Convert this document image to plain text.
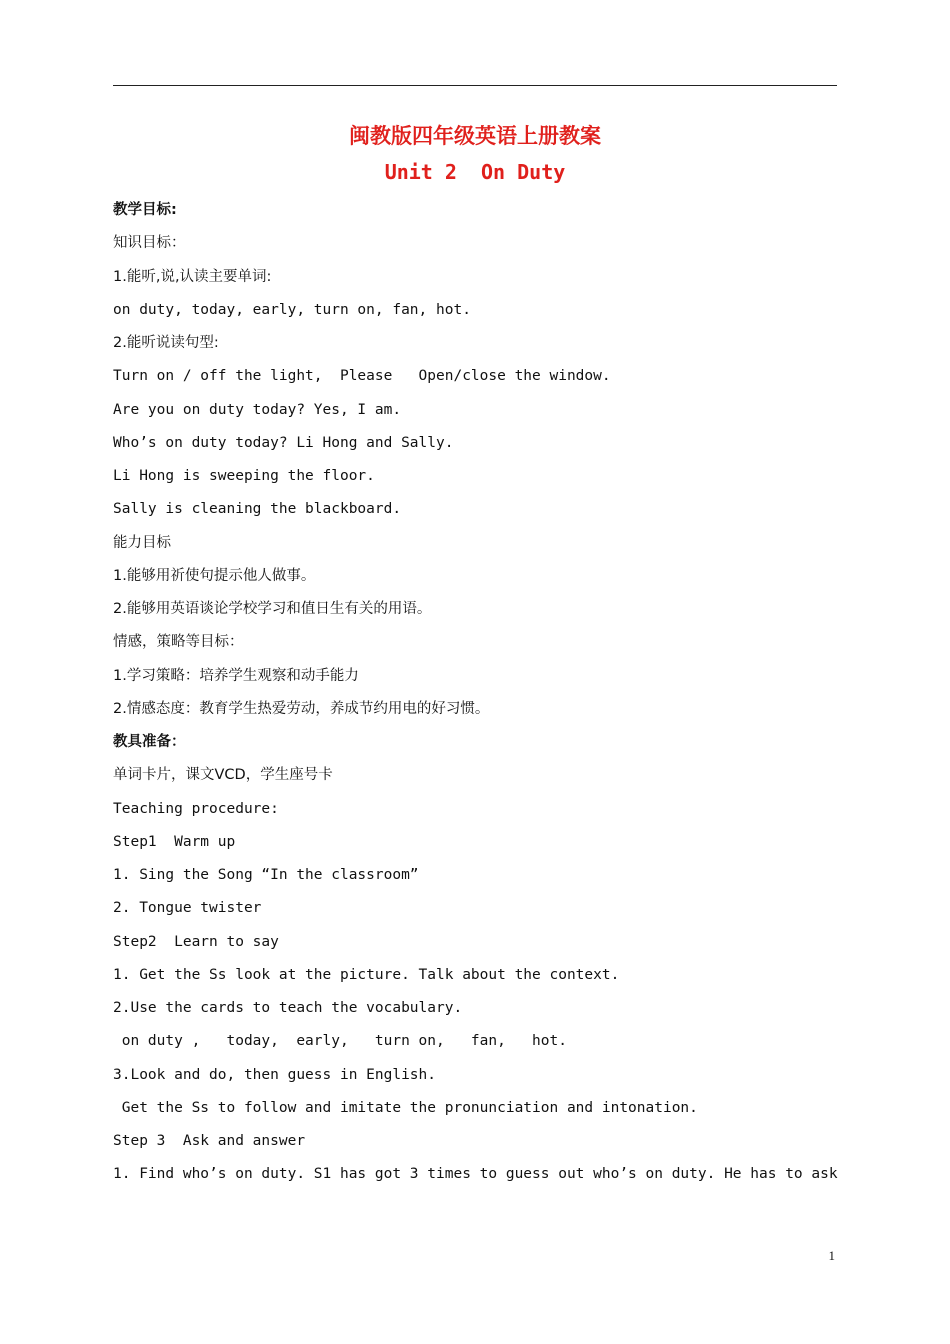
闽教版四年级英语上册教案
Unit 2  On Duty
教学目标:
知识目标：
1.能听,说,认读主要单词:
on duty, today, early, turn on, fan, hot.
2.能听说读句型:
Turn on / off the light,  Please   Open/close the window.
Are you on duty today? Yes, I am.
Who’s on duty today? Li Hong and Sally.
Li Hong is sweeping the floor.
Sally is cleaning the blackboard.
能力目标
1.能够用祈使句提示他人做事。
2.能够用英语谈论学校学习和值日生有关的用语。
情感，策略等目标：
1.学习策略：培养学生观察和动手能力
2.情感态度：教育学生热爱劳动，养成节约用电的好习惯。
教具准备：
单词卡片，课文VCD，学生座号卡
Teaching procedure:
Step1  Warm up
1. Sing the Song “In the classroom”
2. Tongue twister
Step2  Learn to say
1. Get the Ss look at the picture. Talk about the context.
2.Use the cards to teach the vocabulary.
on duty ,   today,  early,   turn on,   fan,   hot.
3.Look and do, then guess in English.
Get the Ss to follow and imitate the pronunciation and intonation.
Step 3  Ask and answer
1. Find who’s on duty. S1 has got 3 times to guess out who’s on duty. He has to ask
1
